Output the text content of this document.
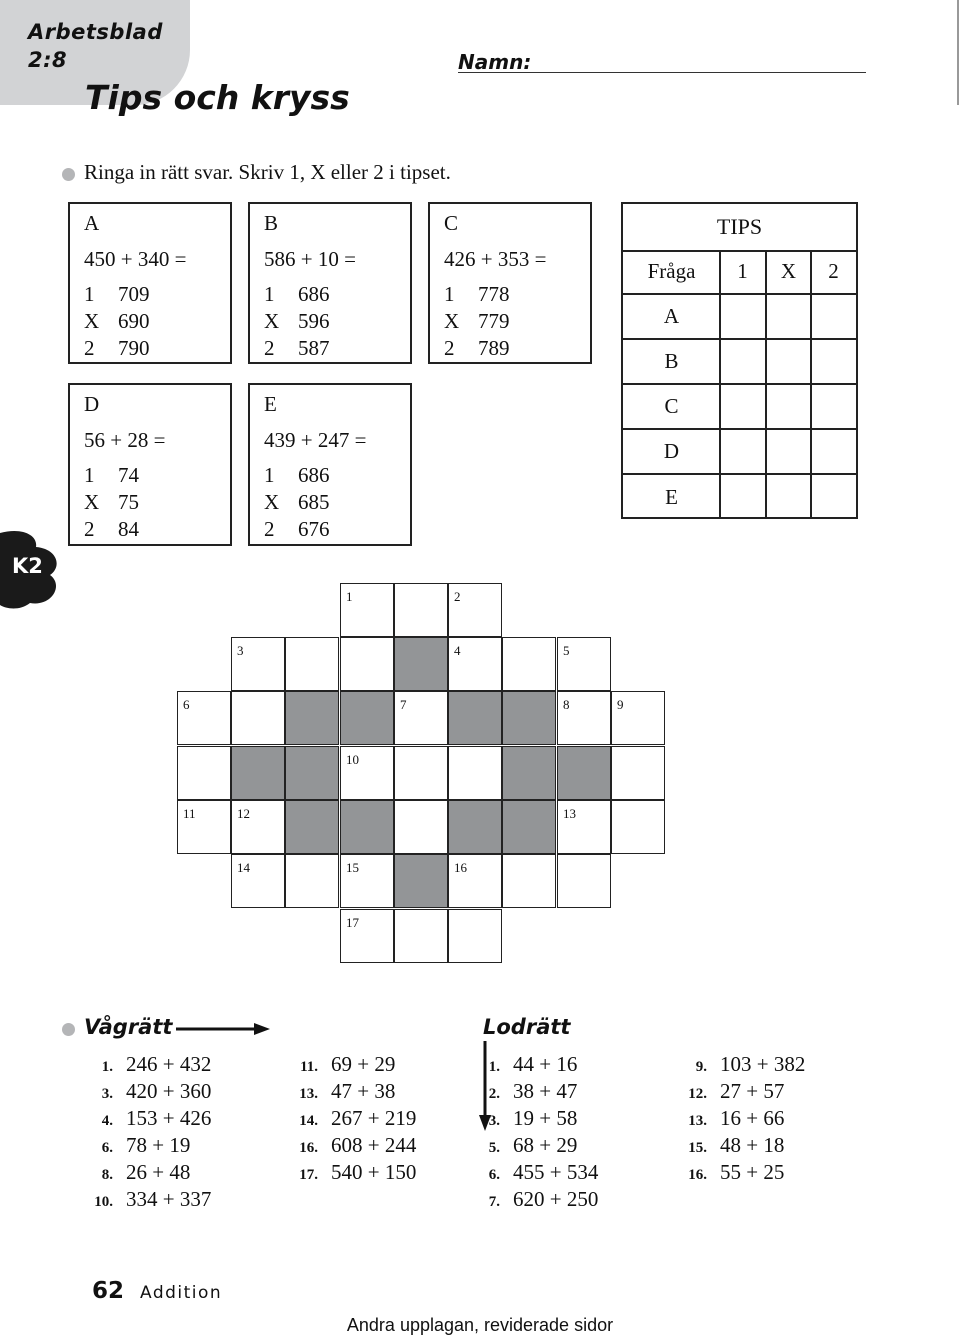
Arbetsblad
2:8
Tips och kryss
Namn:
Ringa in rätt svar. Skriv 1, X eller 2 i tipset.
A
450 + 340 =
1 709
X 690
2 790
B
586 + 10 =
1 686
X 596
2 587
C
426 + 353 =
1 778
X 779
2 789
D
56 + 28 =
1 74
X 75
2 84
E
439 + 247 =
1 686
X 685
2 676
TIPS
Fråga	1	X	2
A
B
C
D
E
K2
1	2
3	4	5
6	7	8	9
10
11	12	13
14	15	16
17
Vågrätt
1. 246 + 432
3. 420 + 360
4. 153 + 426
6. 78 + 19
8. 26 + 48
10. 334 + 337
11. 69 + 29
13. 47 + 38
14. 267 + 219
16. 608 + 244
17. 540 + 150
Lodrätt
1. 44 + 16
2. 38 + 47
3. 19 + 58
5. 68 + 29
6. 455 + 534
7. 620 + 250
9. 103 + 382
12. 27 + 57
13. 16 + 66
15. 48 + 18
16. 55 + 25
62 Addition
Andra upplagan, reviderade sidor
